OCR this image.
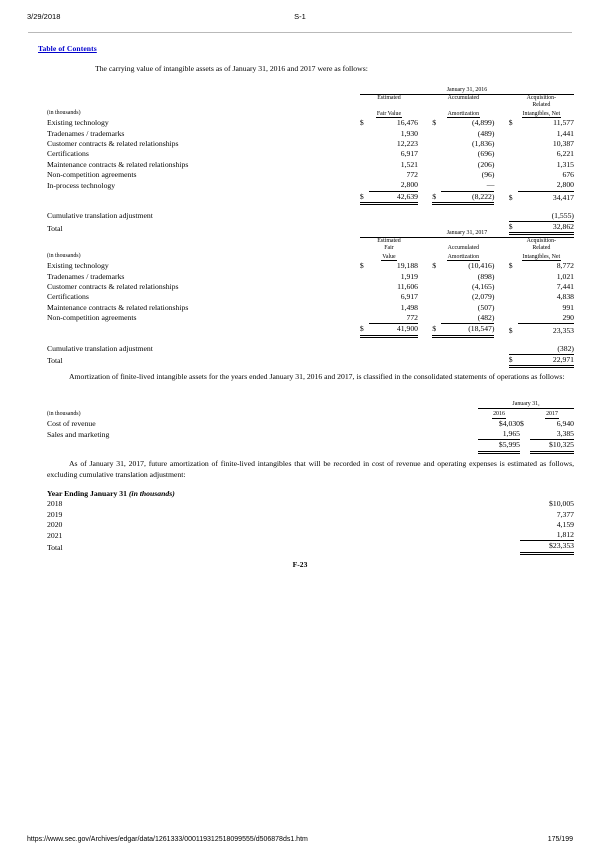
3/29/2018	S-1
Table of Contents
The carrying value of intangible assets as of January 31, 2016 and 2017 were as follows:
		January 31, 2016							
		Estimated			Accumulated			Acquisition-	
								Related	
(in thousands)		Fair Value			Amortization			Intangibles, Net	
Existing technology		$	16,476		$	(4,899)		$	11,577
Tradenames / trademarks			1,930			(489)			1,441
Customer contracts & related relationships			12,223			(1,836)			10,387
Certifications			6,917			(696)			6,221
Maintenance contracts & related relationships			1,521			(206)			1,315
Non-competition agreements			772			(96)			676
In-process technology			2,800			—			2,800
		$	42,639		$	(8,222)		$	34,417

Cumulative translation adjustment									(1,555)
Total								$	32,862
		January 31, 2017							
		Estimated						Acquisition-	
		Fair			Accumulated			Related	
(in thousands)		Value			Amortization			Intangibles, Net	
Existing technology		$	19,188		$	(10,416)		$	8,772
Tradenames / trademarks			1,919			(898)			1,021
Customer contracts & related relationships			11,606			(4,165)			7,441
Certifications			6,917			(2,079)			4,838
Maintenance contracts & related relationships			1,498			(507)			991
Non-competition agreements			772			(482)			290
		$	41,900		$	(18,547)		$	23,353

Cumulative translation adjustment									(382)
Total								$	22,971
Amortization of finite-lived intangible assets for the years ended January 31, 2016 and 2017, is classified in the consolidated statements of operations as follows:
		January 31,		
(in thousands)		2016		2017
Cost of revenue		$4,030	$	6,940
Sales and marketing		1,965		3,385
		$5,995		$10,325
As of January 31, 2017, future amortization of finite-lived intangibles that will be recorded in cost of revenue and operating expenses is estimated as follows, excluding cumulative translation adjustment:
Year Ending January 31 (in thousands)	
2018	$10,005
2019	7,377
2020	4,159
2021	1,812
Total	$23,353
F-23
https://www.sec.gov/Archives/edgar/data/1261333/000119312518099555/d506878ds1.htm	175/199
